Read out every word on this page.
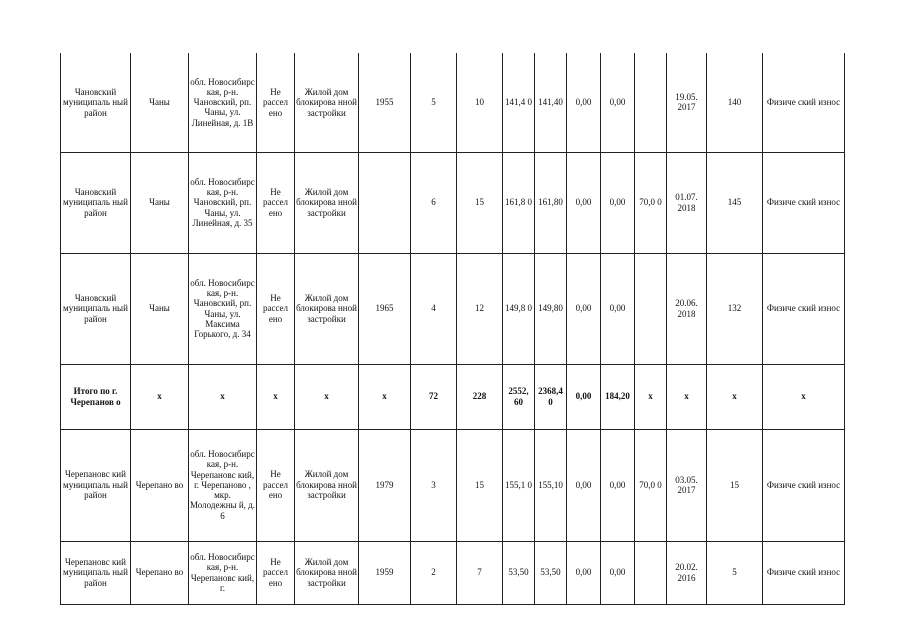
Чановский муниципаль ный район	Чаны	обл. Новосибирс кая, р-н. Чановский, рп. Чаны, ул. Линейная, д. 1В	Не рассел ено	Жилой дом блокирова нной застройки	1955	5	10	141,4 0	141,40	0,00	0,00		19.05. 2017	140	Физиче ский износ
Чановский муниципаль ный район	Чаны	обл. Новосибирс кая, р-н. Чановский, рп. Чаны, ул. Линейная, д. 35	Не рассел ено	Жилой дом блокирова нной застройки		6	15	161,8 0	161,80	0,00	0,00	70,0 0	01.07. 2018	145	Физиче ский износ
Чановский муниципаль ный район	Чаны	обл. Новосибирс кая, р-н. Чановский, рп. Чаны, ул. Максима Горького, д. 34	Не рассел ено	Жилой дом блокирова нной застройки	1965	4	12	149,8 0	149,80	0,00	0,00		20.06. 2018	132	Физиче ский износ
Итого по г. Черепанов о	x	x	x	x	x	72	228	2552, 60	2368,4 0	0,00	184,20	x	x	x	x
Черепановс кий муниципаль ный район	Черепано во	обл. Новосибирс кая, р-н. Черепановс кий, г. Черепаново , мкр. Молодежны й, д. 6	Не рассел ено	Жилой дом блокирова нной застройки	1979	3	15	155,1 0	155,10	0,00	0,00	70,0 0	03.05. 2017	15	Физиче ский износ
Черепановс кий муниципаль ный район	Черепано во	обл. Новосибирс кая, р-н. Черепановс кий, г.	Не рассел ено	Жилой дом блокирова нной застройки	1959	2	7	53,50	53,50	0,00	0,00		20.02. 2016	5	Физиче ский износ
